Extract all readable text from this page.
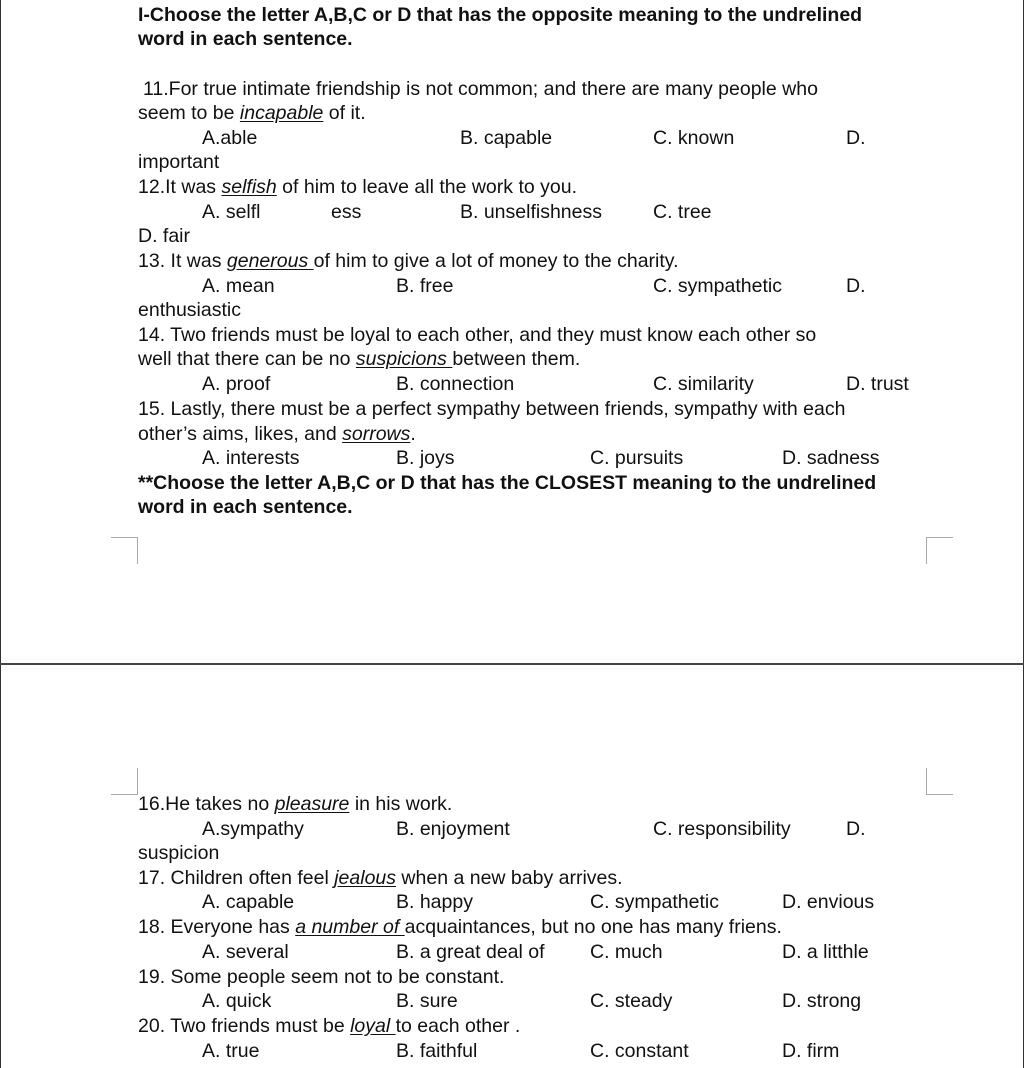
I-Choose the letter A,B,C or D that has the opposite meaning to the undrelined
word in each sentence.
11.For true intimate friendship is not common; and there are many people who
seem to be incapable of it.
A.able	B. capable	C. known	D.
important
12.It was selfish of him to leave all the work to you.
A. selfl	ess	B. unselfishness	C. tree
D. fair
13. It was generous of him to give a lot of money to the charity.
A. mean	B. free	C. sympathetic	D.
enthusiastic
14. Two friends must be loyal to each other, and they must know each other so
well that there can be no suspicions between them.
A. proof	B. connection	C. similarity	D. trust
15. Lastly, there must be a perfect sympathy between friends, sympathy with each
other’s aims, likes, and sorrows.
A. interests	B. joys	C. pursuits	D. sadness
**Choose the letter A,B,C or D that has the CLOSEST meaning to the undrelined
word in each sentence.
16.He takes no pleasure in his work.
A.sympathy	B. enjoyment	C. responsibility	D.
suspicion
17. Children often feel jealous when a new baby arrives.
A. capable	B. happy	C. sympathetic	D. envious
18. Everyone has a number of acquaintances, but no one has many friens.
A. several	B. a great deal of C. much	D. a litthle
19. Some people seem not to be constant.
A. quick	B. sure	C. steady	D. strong
20. Two friends must be loyal to each other .
A. true	B. faithful	C. constant	D. firm
